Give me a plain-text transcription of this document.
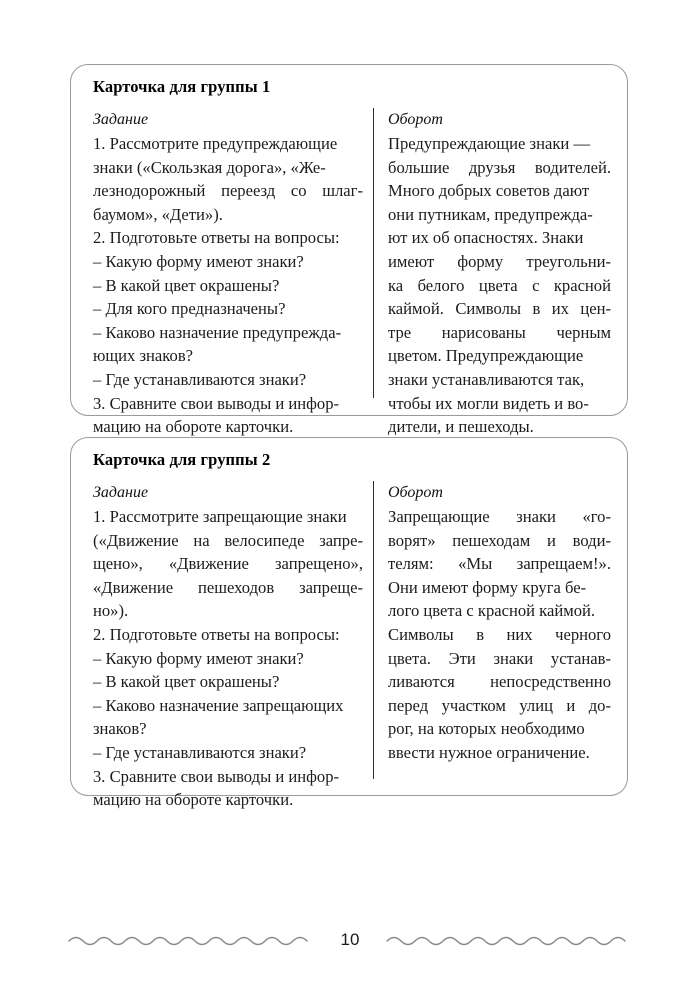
Карточка для группы 1
Задание
1. Рассмотрите предупреждающие
знаки («Скользкая дорога», «Же-
лезнодорожный переезд со шлаг-
баумом», «Дети»).
2. Подготовьте ответы на вопросы:
– Какую форму имеют знаки?
– В какой цвет окрашены?
– Для кого предназначены?
– Каково назначение предупрежда-
ющих знаков?
– Где устанавливаются знаки?
3. Сравните свои выводы и инфор-
мацию на обороте карточки.
Оборот
Предупреждающие знаки —
большие друзья водителей.
Много добрых советов дают
они путникам, предупрежда-
ют их об опасностях. Знаки
имеют форму треугольни-
ка белого цвета с красной
каймой. Символы в их цен-
тре нарисованы черным
цветом. Предупреждающие
знаки устанавливаются так,
чтобы их могли видеть и во-
дители, и пешеходы.
Карточка для группы 2
Задание
1. Рассмотрите запрещающие знаки
(«Движение на велосипеде запре-
щено», «Движение запрещено»,
«Движение пешеходов запреще-
но»).
2. Подготовьте ответы на вопросы:
– Какую форму имеют знаки?
– В какой цвет окрашены?
– Каково назначение запрещающих
знаков?
– Где устанавливаются знаки?
3. Сравните свои выводы и инфор-
мацию на обороте карточки.
Оборот
Запрещающие знаки «го-
ворят» пешеходам и води-
телям: «Мы запрещаем!».
Они имеют форму круга бе-
лого цвета с красной каймой.
Символы в них черного
цвета. Эти знаки устанав-
ливаются непосредственно
перед участком улиц и до-
рог, на которых необходимо
ввести нужное ограничение.
10
